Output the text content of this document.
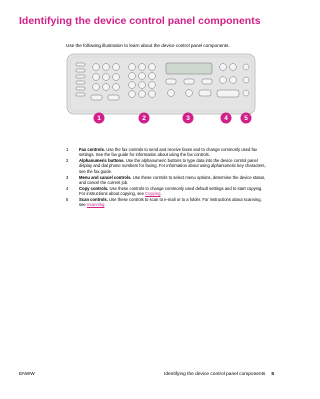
Identifying the device control panel components
Use the following illustration to learn about the device control panel components.
1	2	3	4	5
1	Fax controls. Use the fax controls to send and receive faxes and to change commonly used fax settings. See the fax guide for information about using the fax controls.
2	Alphanumeric buttons. Use the alphanumeric buttons to type data into the device control panel display and dial phone numbers for faxing. For information about using alphanumeric key characters, see the fax guide.
3	Menu and cancel controls. Use these controls to select menu options, determine the device status, and cancel the current job.
4	Copy controls. Use these controls to change commonly used default settings and to start copying. For instructions about copying, see Copying.
5	Scan controls. Use these controls to scan to e-mail or to a folder. For instructions about scanning, see Scanning.
ENWW	Identifying the device control panel components 5
